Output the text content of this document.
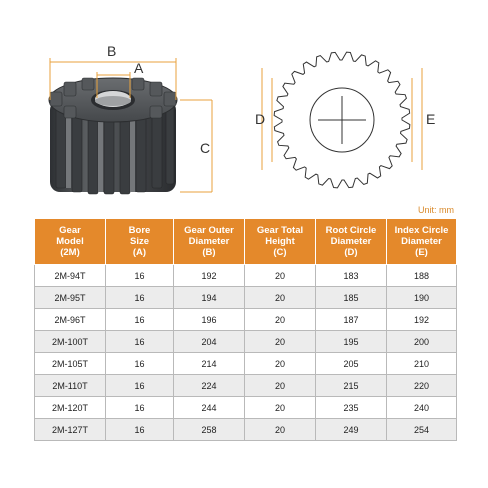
B
A
C
D	E
Unit: mm
Gear
Model
(2M)	Bore
Size
(A)	Gear Outer
Diameter
(B)	Gear Total
Height
(C)	Root Circle
Diameter
(D)	Index Circle
Diameter
(E)

2M-94T	16	192	20	183	188
2M-95T	16	194	20	185	190
2M-96T	16	196	20	187	192
2M-100T	16	204	20	195	200
2M-105T	16	214	20	205	210
2M-110T	16	224	20	215	220
2M-120T	16	244	20	235	240
2M-127T	16	258	20	249	254
